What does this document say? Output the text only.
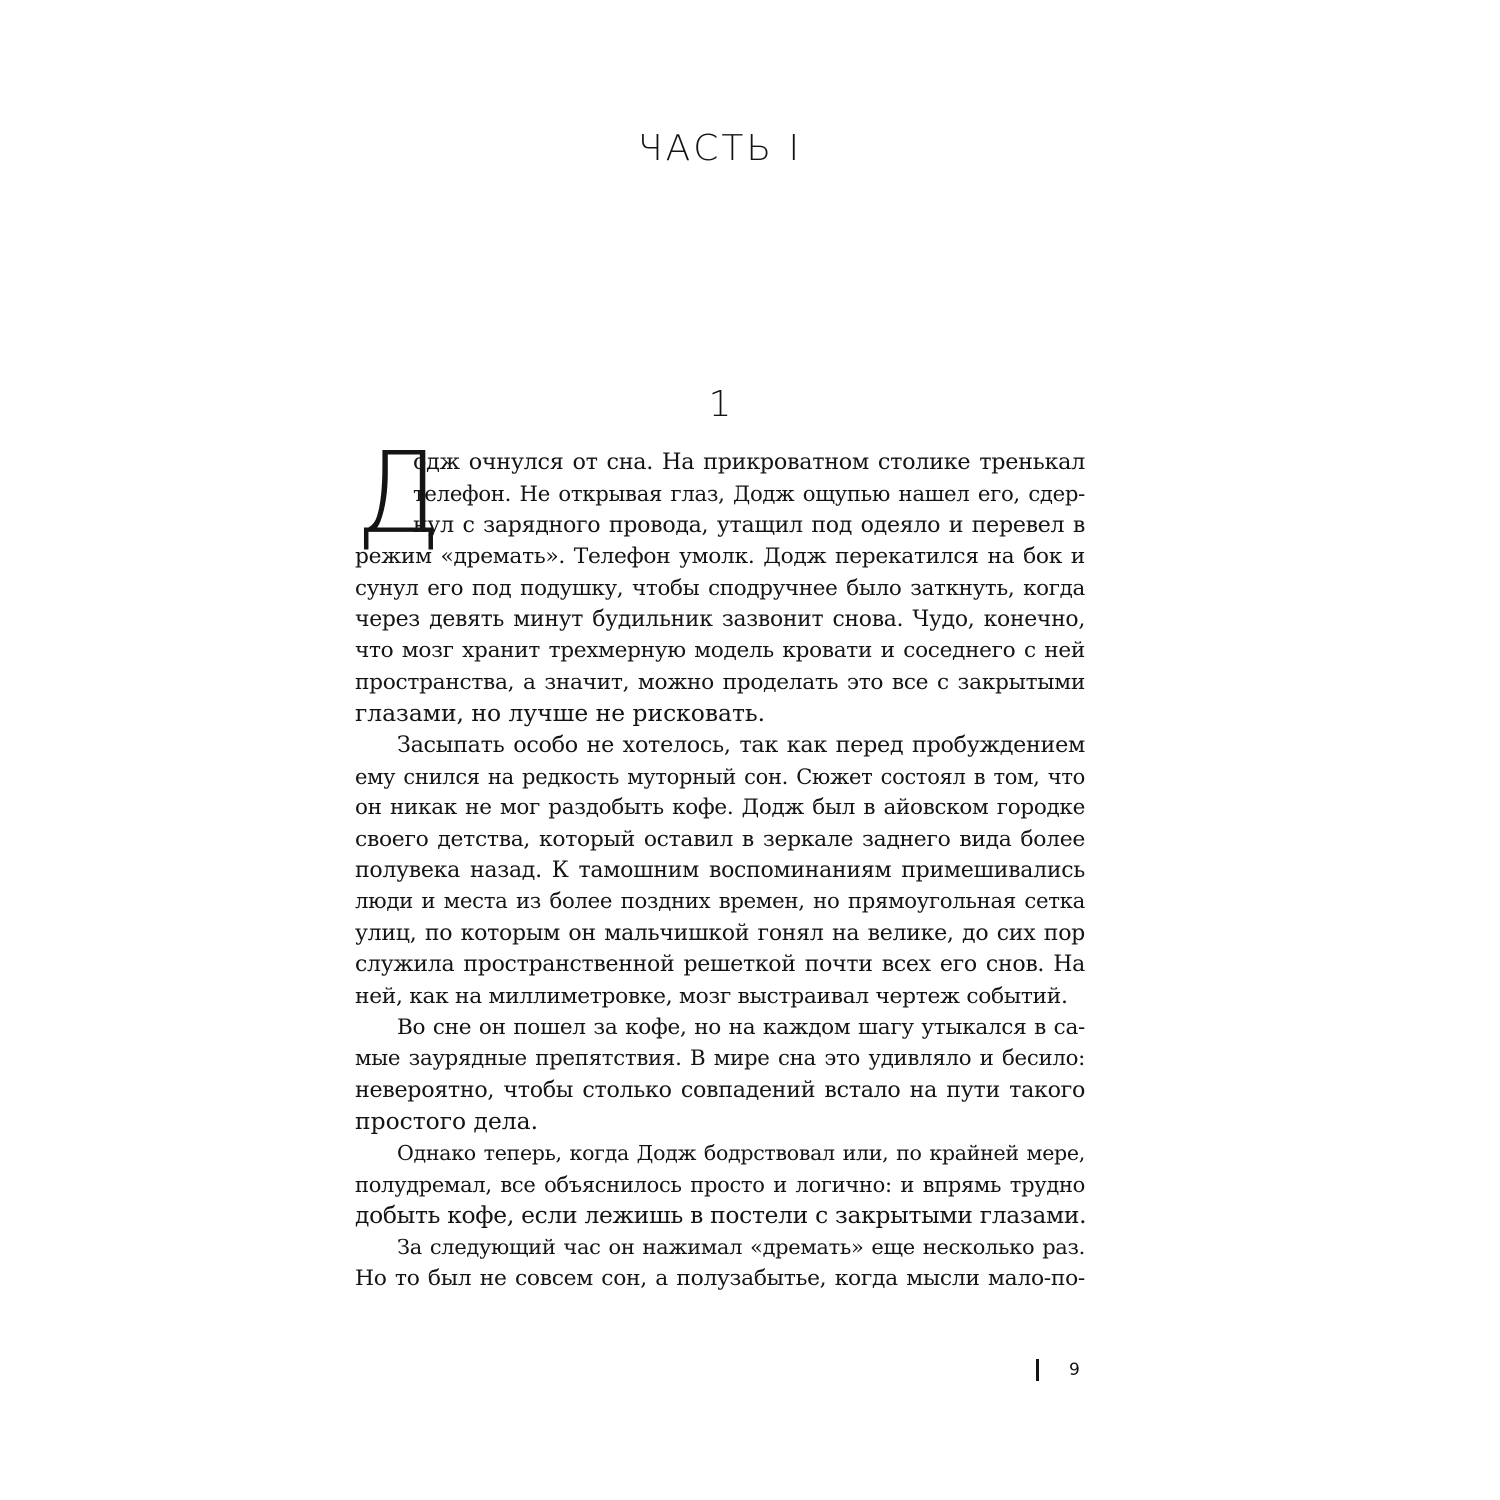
ЧАСТЬ I
1
Д
одж очнулся от сна. На прикроватном столике тренькал
телефон. Не открывая глаз, Додж ощупью нашел его, сдер-
нул с зарядного провода, утащил под одеяло и перевел в
режим «дремать». Телефон умолк. Додж перекатился на бок и
сунул его под подушку, чтобы сподручнее было заткнуть, когда
через девять минут будильник зазвонит снова. Чудо, конечно,
что мозг хранит трехмерную модель кровати и соседнего с ней
пространства, а значит, можно проделать это все с закрытыми
глазами, но лучше не рисковать.
Засыпать особо не хотелось, так как перед пробуждением
ему снился на редкость муторный сон. Сюжет состоял в том, что
он никак не мог раздобыть кофе. Додж был в айовском городке
своего детства, который оставил в зеркале заднего вида более
полувека назад. К тамошним воспоминаниям примешивались
люди и места из более поздних времен, но прямоугольная сетка
улиц, по которым он мальчишкой гонял на велике, до сих пор
служила пространственной решеткой почти всех его снов. На
ней, как на миллиметровке, мозг выстраивал чертеж событий.
Во сне он пошел за кофе, но на каждом шагу утыкался в са-
мые заурядные препятствия. В мире сна это удивляло и бесило:
невероятно, чтобы столько совпадений встало на пути такого
простого дела.
Однако теперь, когда Додж бодрствовал или, по крайней мере,
полудремал, все объяснилось просто и логично: и впрямь трудно
добыть кофе, если лежишь в постели с закрытыми глазами.
За следующий час он нажимал «дремать» еще несколько раз.
Но то был не совсем сон, а полузабытье, когда мысли мало-по-
9
